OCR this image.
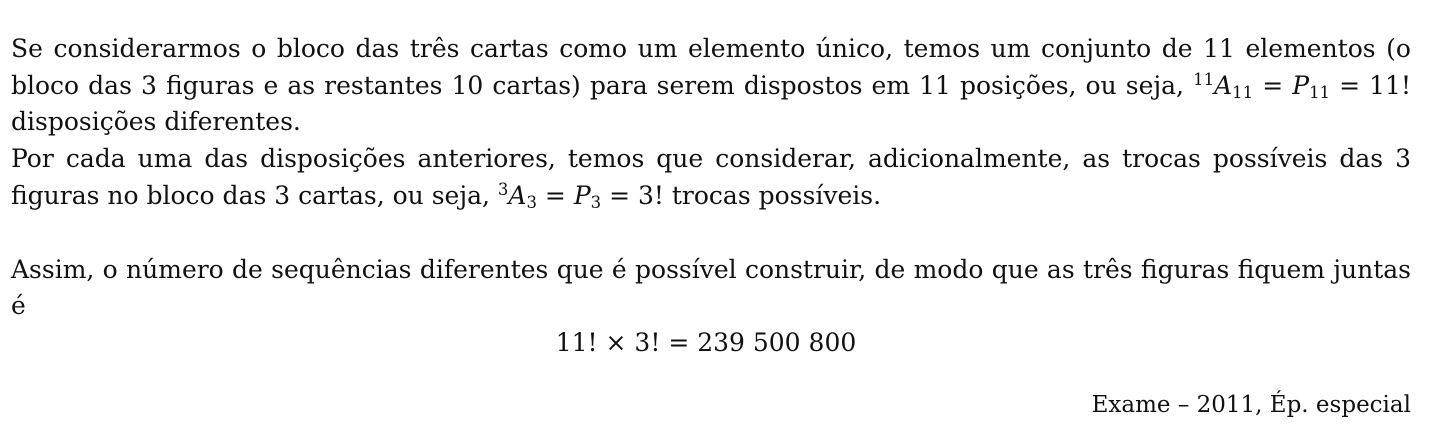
Se considerarmos o bloco das três cartas como um elemento único, temos um conjunto de 11 elementos (o bloco das 3 figuras e as restantes 10 cartas) para serem dispostos em 11 posições, ou seja, $^{11}A_{11} = P_{11} = 11$! disposições diferentes.

Por cada uma das disposições anteriores, temos que considerar, adicionalmente, as trocas possíveis das 3 figuras no bloco das 3 cartas, ou seja, $^3A_3 = P_3 = 3$! trocas possíveis.

Assim, o número de sequências diferentes que é possível construir, de modo que as três figuras fiquem juntas é

11! × 3! = 239 500 800

Exame – 2011, Ép. especial
